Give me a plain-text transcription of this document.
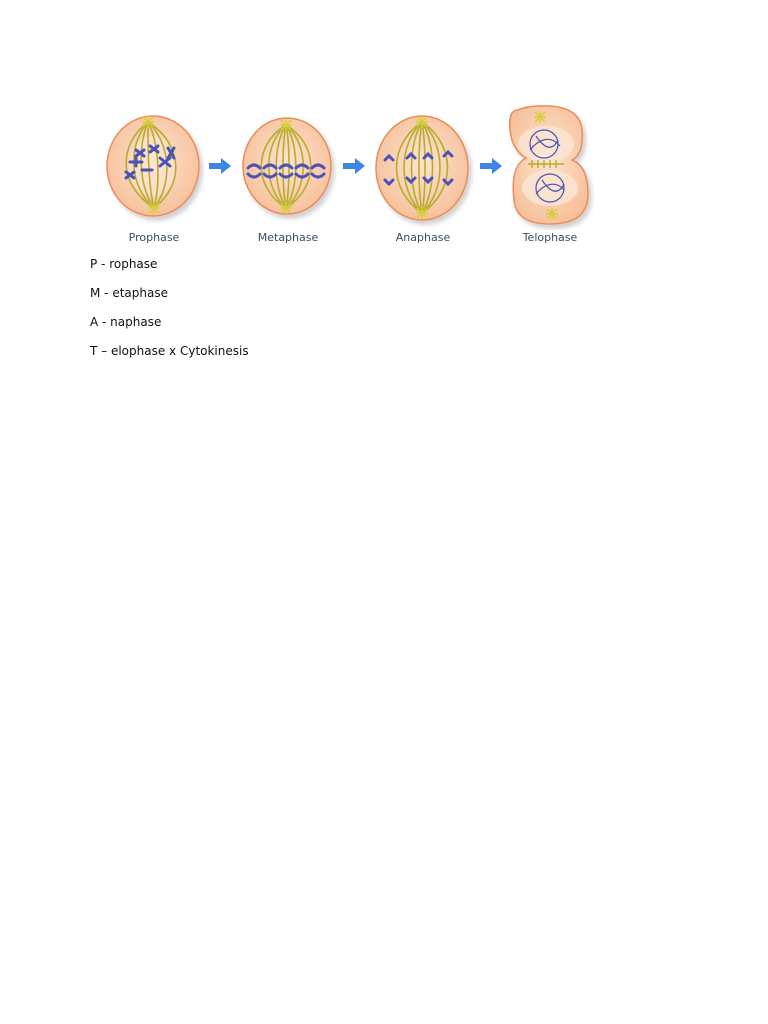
Prophase	Metaphase	Anaphase	Telophase
P - rophase
M - etaphase
A - naphase
T – elophase x Cytokinesis
